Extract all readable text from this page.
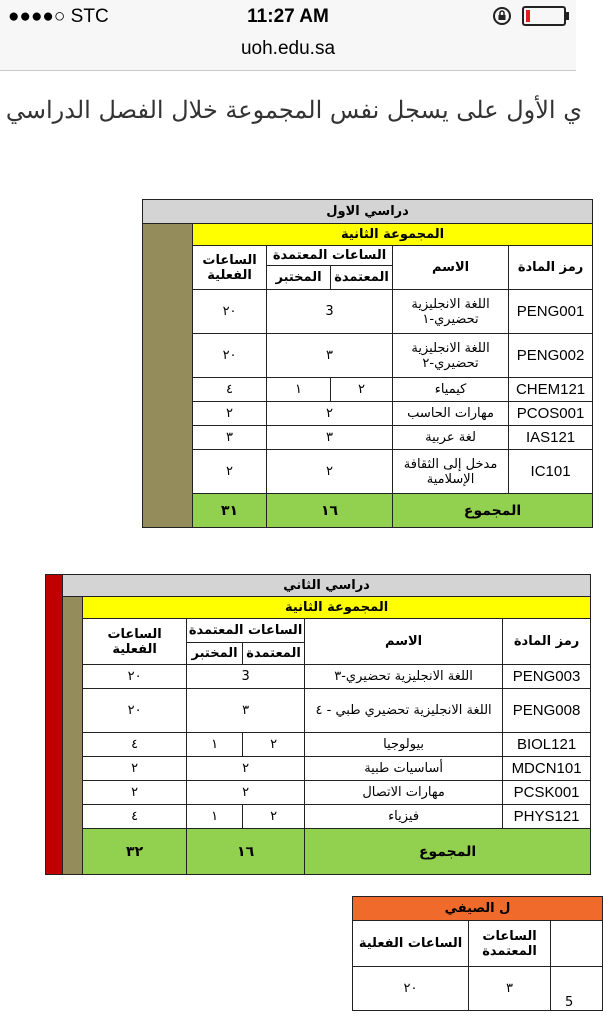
●●●●○ STC	11:27 AM
uoh.edu.sa
ي الأول على يسجل نفس المجموعة خلال الفصل الدراسي
دراسي الاول					
المجموعة الثانية					
رمز المادة	الاسم	الساعات المعتمدة		الساعات الفعلية	
		المعتمدة	المختبر		
PENG001	اللغة الانجليزية تحضيري-١	3		٢٠	
PENG002	اللغة الانجليزية تحضيري-٢	٣		٢٠	
CHEM121	كيمياء	٢	١	٤	
PCOS001	مهارات الحاسب	٢		٢	
IAS121	لغة عربية	٣		٣	
IC101	مدخل إلى الثقافة الإسلامية	٢		٢	
المجموع		١٦		٣١	
دراسي الثاني						
المجموعة الثانية						
رمز المادة	الاسم	الساعات المعتمدة		الساعات الفعلية		
		المعتمدة	المختبر			
PENG003	اللغة الانجليزية تحضيري-٣	3		٢٠		
PENG008	اللغة الانجليزية تحضيري طبي - ٤	٣		٢٠		
BIOL121	بيولوجيا	٢	١	٤		
MDCN101	أساسيات طبية	٢		٢		
PCSK001	مهارات الاتصال	٢		٢		
PHYS121	فيزياء	٢	١	٤		
المجموع		١٦		٣٢		
ل الصيفي		
	الساعات المعتمدة	الساعات الفعلية
5	٣	٢٠
